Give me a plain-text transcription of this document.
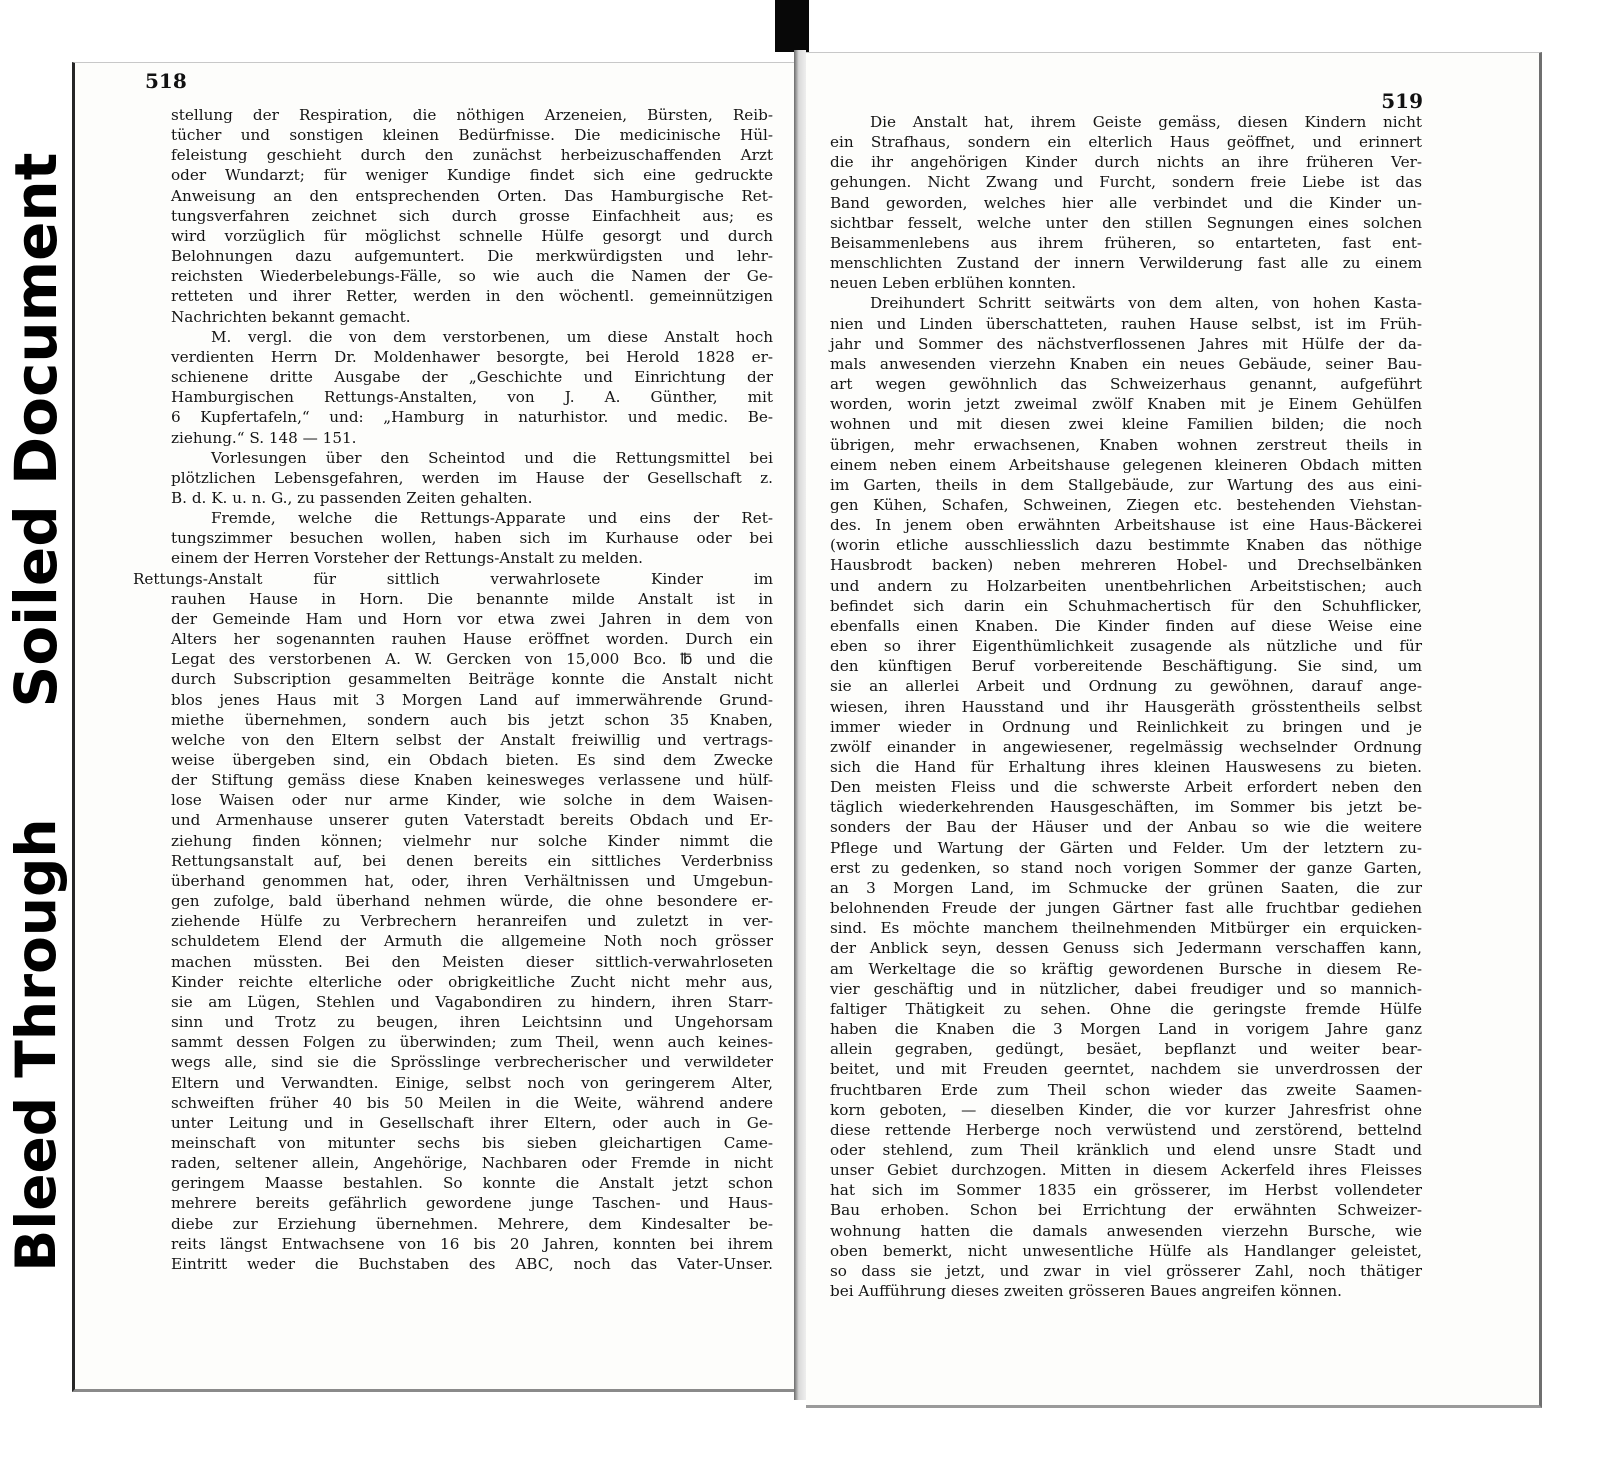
Soiled Document
Bleed Through
518
stellung der Respiration, die nöthigen Arzeneien, Bürsten, Reib-
tücher und sonstigen kleinen Bedürfnisse. Die medicinische Hül-
feleistung geschieht durch den zunächst herbeizuschaffenden Arzt
oder Wundarzt; für weniger Kundige findet sich eine gedruckte
Anweisung an den entsprechenden Orten. Das Hamburgische Ret-
tungsverfahren zeichnet sich durch grosse Einfachheit aus; es
wird vorzüglich für möglichst schnelle Hülfe gesorgt und durch
Belohnungen dazu aufgemuntert. Die merkwürdigsten und lehr-
reichsten Wiederbelebungs-Fälle, so wie auch die Namen der Ge-
retteten und ihrer Retter, werden in den wöchentl. gemeinnützigen
Nachrichten bekannt gemacht.
M. vergl. die von dem verstorbenen, um diese Anstalt hoch
verdienten Herrn Dr. Moldenhawer besorgte, bei Herold 1828 er-
schienene dritte Ausgabe der „Geschichte und Einrichtung der
Hamburgischen Rettungs-Anstalten, von J. A. Günther, mit
6 Kupfertafeln,“ und: „Hamburg in naturhistor. und medic. Be-
ziehung.“ S. 148 — 151.
Vorlesungen über den Scheintod und die Rettungsmittel bei
plötzlichen Lebensgefahren, werden im Hause der Gesellschaft z.
B. d. K. u. n. G., zu passenden Zeiten gehalten.
Fremde, welche die Rettungs-Apparate und eins der Ret-
tungszimmer besuchen wollen, haben sich im Kurhause oder bei
einem der Herren Vorsteher der Rettungs-Anstalt zu melden.
Rettungs-Anstalt für sittlich verwahrlosete Kinder im
rauhen Hause in Horn. Die benannte milde Anstalt ist in
der Gemeinde Ham und Horn vor etwa zwei Jahren in dem von
Alters her sogenannten rauhen Hause eröffnet worden. Durch ein
Legat des verstorbenen A. W. Gercken von 15,000 Bco. ℔ und die
durch Subscription gesammelten Beiträge konnte die Anstalt nicht
blos jenes Haus mit 3 Morgen Land auf immerwährende Grund-
miethe übernehmen, sondern auch bis jetzt schon 35 Knaben,
welche von den Eltern selbst der Anstalt freiwillig und vertrags-
weise übergeben sind, ein Obdach bieten. Es sind dem Zwecke
der Stiftung gemäss diese Knaben keinesweges verlassene und hülf-
lose Waisen oder nur arme Kinder, wie solche in dem Waisen-
und Armenhause unserer guten Vaterstadt bereits Obdach und Er-
ziehung finden können; vielmehr nur solche Kinder nimmt die
Rettungsanstalt auf, bei denen bereits ein sittliches Verderbniss
überhand genommen hat, oder, ihren Verhältnissen und Umgebun-
gen zufolge, bald überhand nehmen würde, die ohne besondere er-
ziehende Hülfe zu Verbrechern heranreifen und zuletzt in ver-
schuldetem Elend der Armuth die allgemeine Noth noch grösser
machen müssten. Bei den Meisten dieser sittlich-verwahrloseten
Kinder reichte elterliche oder obrigkeitliche Zucht nicht mehr aus,
sie am Lügen, Stehlen und Vagabondiren zu hindern, ihren Starr-
sinn und Trotz zu beugen, ihren Leichtsinn und Ungehorsam
sammt dessen Folgen zu überwinden; zum Theil, wenn auch keines-
wegs alle, sind sie die Sprösslinge verbrecherischer und verwildeter
Eltern und Verwandten. Einige, selbst noch von geringerem Alter,
schweiften früher 40 bis 50 Meilen in die Weite, während andere
unter Leitung und in Gesellschaft ihrer Eltern, oder auch in Ge-
meinschaft von mitunter sechs bis sieben gleichartigen Came-
raden, seltener allein, Angehörige, Nachbaren oder Fremde in nicht
geringem Maasse bestahlen. So konnte die Anstalt jetzt schon
mehrere bereits gefährlich gewordene junge Taschen- und Haus-
diebe zur Erziehung übernehmen. Mehrere, dem Kindesalter be-
reits längst Entwachsene von 16 bis 20 Jahren, konnten bei ihrem
Eintritt weder die Buchstaben des ABC, noch das Vater-Unser.
519
Die Anstalt hat, ihrem Geiste gemäss, diesen Kindern nicht
ein Strafhaus, sondern ein elterlich Haus geöffnet, und erinnert
die ihr angehörigen Kinder durch nichts an ihre früheren Ver-
gehungen. Nicht Zwang und Furcht, sondern freie Liebe ist das
Band geworden, welches hier alle verbindet und die Kinder un-
sichtbar fesselt, welche unter den stillen Segnungen eines solchen
Beisammenlebens aus ihrem früheren, so entarteten, fast ent-
menschlichten Zustand der innern Verwilderung fast alle zu einem
neuen Leben erblühen konnten.
Dreihundert Schritt seitwärts von dem alten, von hohen Kasta-
nien und Linden überschatteten, rauhen Hause selbst, ist im Früh-
jahr und Sommer des nächstverflossenen Jahres mit Hülfe der da-
mals anwesenden vierzehn Knaben ein neues Gebäude, seiner Bau-
art wegen gewöhnlich das Schweizerhaus genannt, aufgeführt
worden, worin jetzt zweimal zwölf Knaben mit je Einem Gehülfen
wohnen und mit diesen zwei kleine Familien bilden; die noch
übrigen, mehr erwachsenen, Knaben wohnen zerstreut theils in
einem neben einem Arbeitshause gelegenen kleineren Obdach mitten
im Garten, theils in dem Stallgebäude, zur Wartung des aus eini-
gen Kühen, Schafen, Schweinen, Ziegen etc. bestehenden Viehstan-
des. In jenem oben erwähnten Arbeitshause ist eine Haus-Bäckerei
(worin etliche ausschliesslich dazu bestimmte Knaben das nöthige
Hausbrodt backen) neben mehreren Hobel- und Drechselbänken
und andern zu Holzarbeiten unentbehrlichen Arbeitstischen; auch
befindet sich darin ein Schuhmachertisch für den Schuhflicker,
ebenfalls einen Knaben. Die Kinder finden auf diese Weise eine
eben so ihrer Eigenthümlichkeit zusagende als nützliche und für
den künftigen Beruf vorbereitende Beschäftigung. Sie sind, um
sie an allerlei Arbeit und Ordnung zu gewöhnen, darauf ange-
wiesen, ihren Hausstand und ihr Hausgeräth grösstentheils selbst
immer wieder in Ordnung und Reinlichkeit zu bringen und je
zwölf einander in angewiesener, regelmässig wechselnder Ordnung
sich die Hand für Erhaltung ihres kleinen Hauswesens zu bieten.
Den meisten Fleiss und die schwerste Arbeit erfordert neben den
täglich wiederkehrenden Hausgeschäften, im Sommer bis jetzt be-
sonders der Bau der Häuser und der Anbau so wie die weitere
Pflege und Wartung der Gärten und Felder. Um der letztern zu-
erst zu gedenken, so stand noch vorigen Sommer der ganze Garten,
an 3 Morgen Land, im Schmucke der grünen Saaten, die zur
belohnenden Freude der jungen Gärtner fast alle fruchtbar gediehen
sind. Es möchte manchem theilnehmenden Mitbürger ein erquicken-
der Anblick seyn, dessen Genuss sich Jedermann verschaffen kann,
am Werkeltage die so kräftig gewordenen Bursche in diesem Re-
vier geschäftig und in nützlicher, dabei freudiger und so mannich-
faltiger Thätigkeit zu sehen. Ohne die geringste fremde Hülfe
haben die Knaben die 3 Morgen Land in vorigem Jahre ganz
allein gegraben, gedüngt, besäet, bepflanzt und weiter bear-
beitet, und mit Freuden geerntet, nachdem sie unverdrossen der
fruchtbaren Erde zum Theil schon wieder das zweite Saamen-
korn geboten, — dieselben Kinder, die vor kurzer Jahresfrist ohne
diese rettende Herberge noch verwüstend und zerstörend, bettelnd
oder stehlend, zum Theil kränklich und elend unsre Stadt und
unser Gebiet durchzogen. Mitten in diesem Ackerfeld ihres Fleisses
hat sich im Sommer 1835 ein grösserer, im Herbst vollendeter
Bau erhoben. Schon bei Errichtung der erwähnten Schweizer-
wohnung hatten die damals anwesenden vierzehn Bursche, wie
oben bemerkt, nicht unwesentliche Hülfe als Handlanger geleistet,
so dass sie jetzt, und zwar in viel grösserer Zahl, noch thätiger
bei Aufführung dieses zweiten grösseren Baues angreifen können.
